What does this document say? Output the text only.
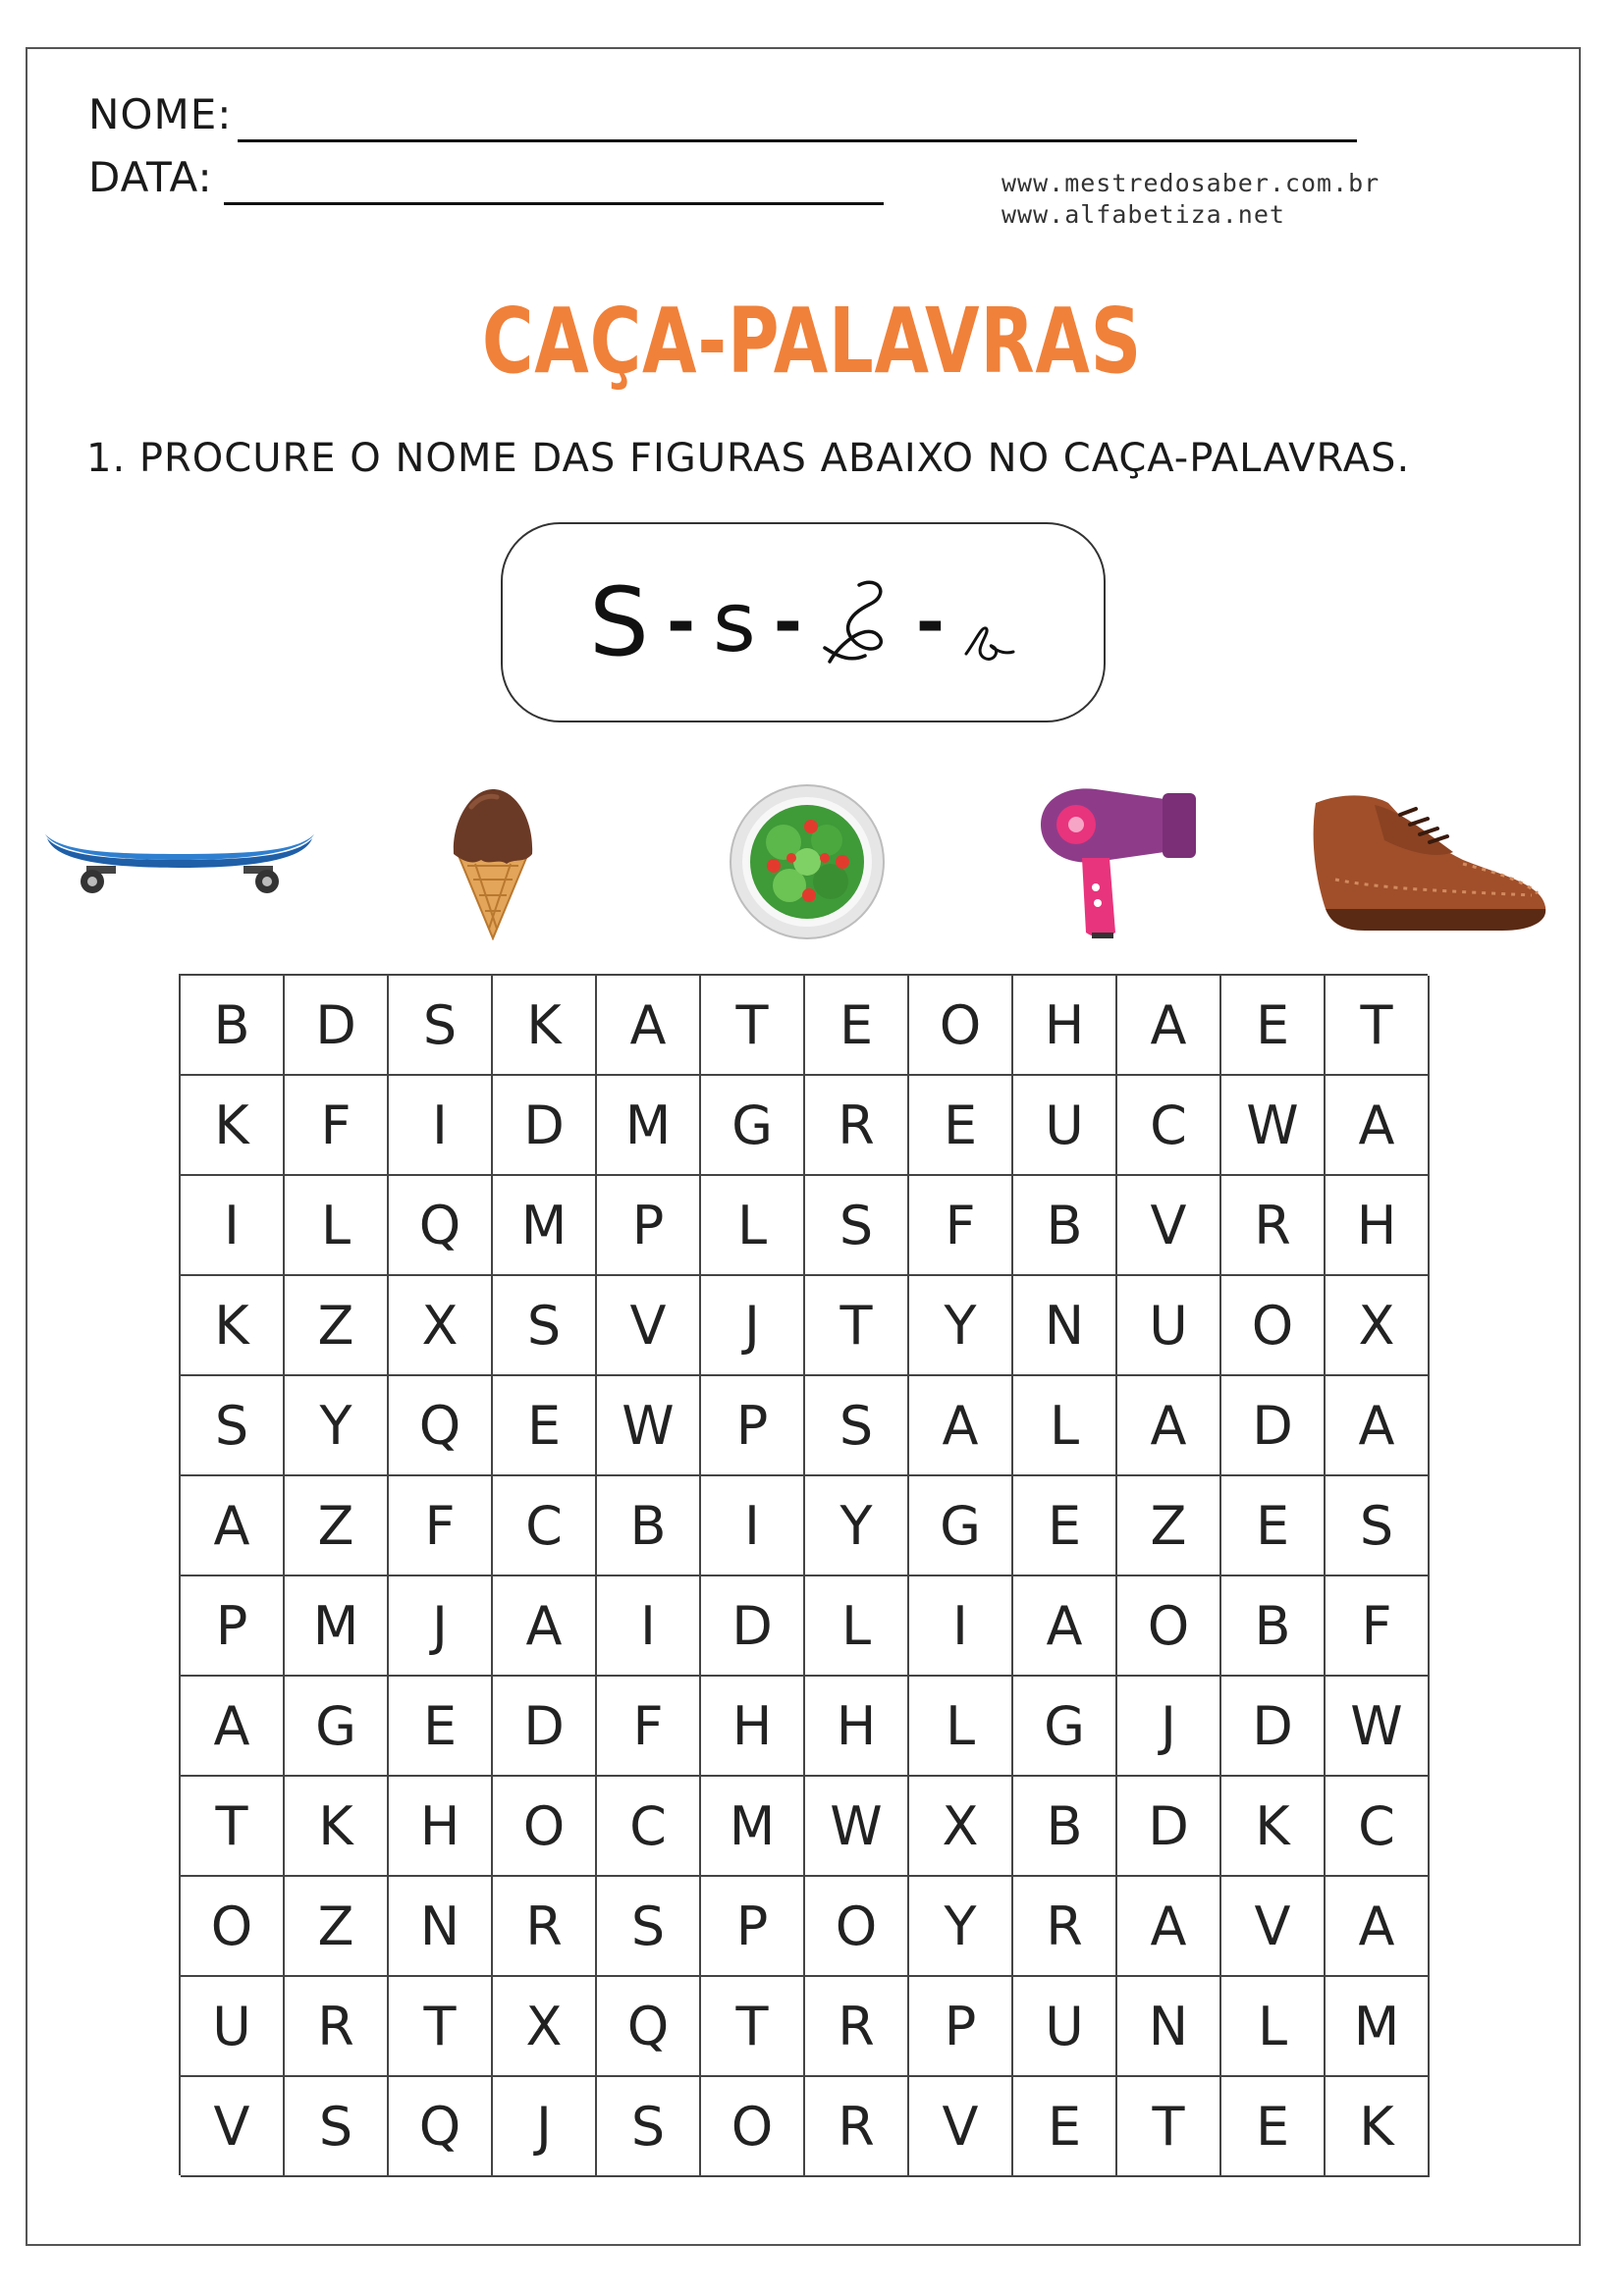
NOME:
DATA:	www.mestredosaber.com.br
www.alfabetiza.net
CAÇA-PALAVRAS
1. PROCURE O NOME DAS FIGURAS ABAIXO NO CAÇA-PALAVRAS.
S - s - -
B	D	S	K	A	T	E	O	H	A	E	T
K	F	I	D	M	G	R	E	U	C	W	A
I	L	Q	M	P	L	S	F	B	V	R	H
K	Z	X	S	V	J	T	Y	N	U	O	X
S	Y	Q	E	W	P	S	A	L	A	D	A
A	Z	F	C	B	I	Y	G	E	Z	E	S
P	M	J	A	I	D	L	I	A	O	B	F
A	G	E	D	F	H	H	L	G	J	D	W
T	K	H	O	C	M	W	X	B	D	K	C
O	Z	N	R	S	P	O	Y	R	A	V	A
U	R	T	X	Q	T	R	P	U	N	L	M
V	S	Q	J	S	O	R	V	E	T	E	K
